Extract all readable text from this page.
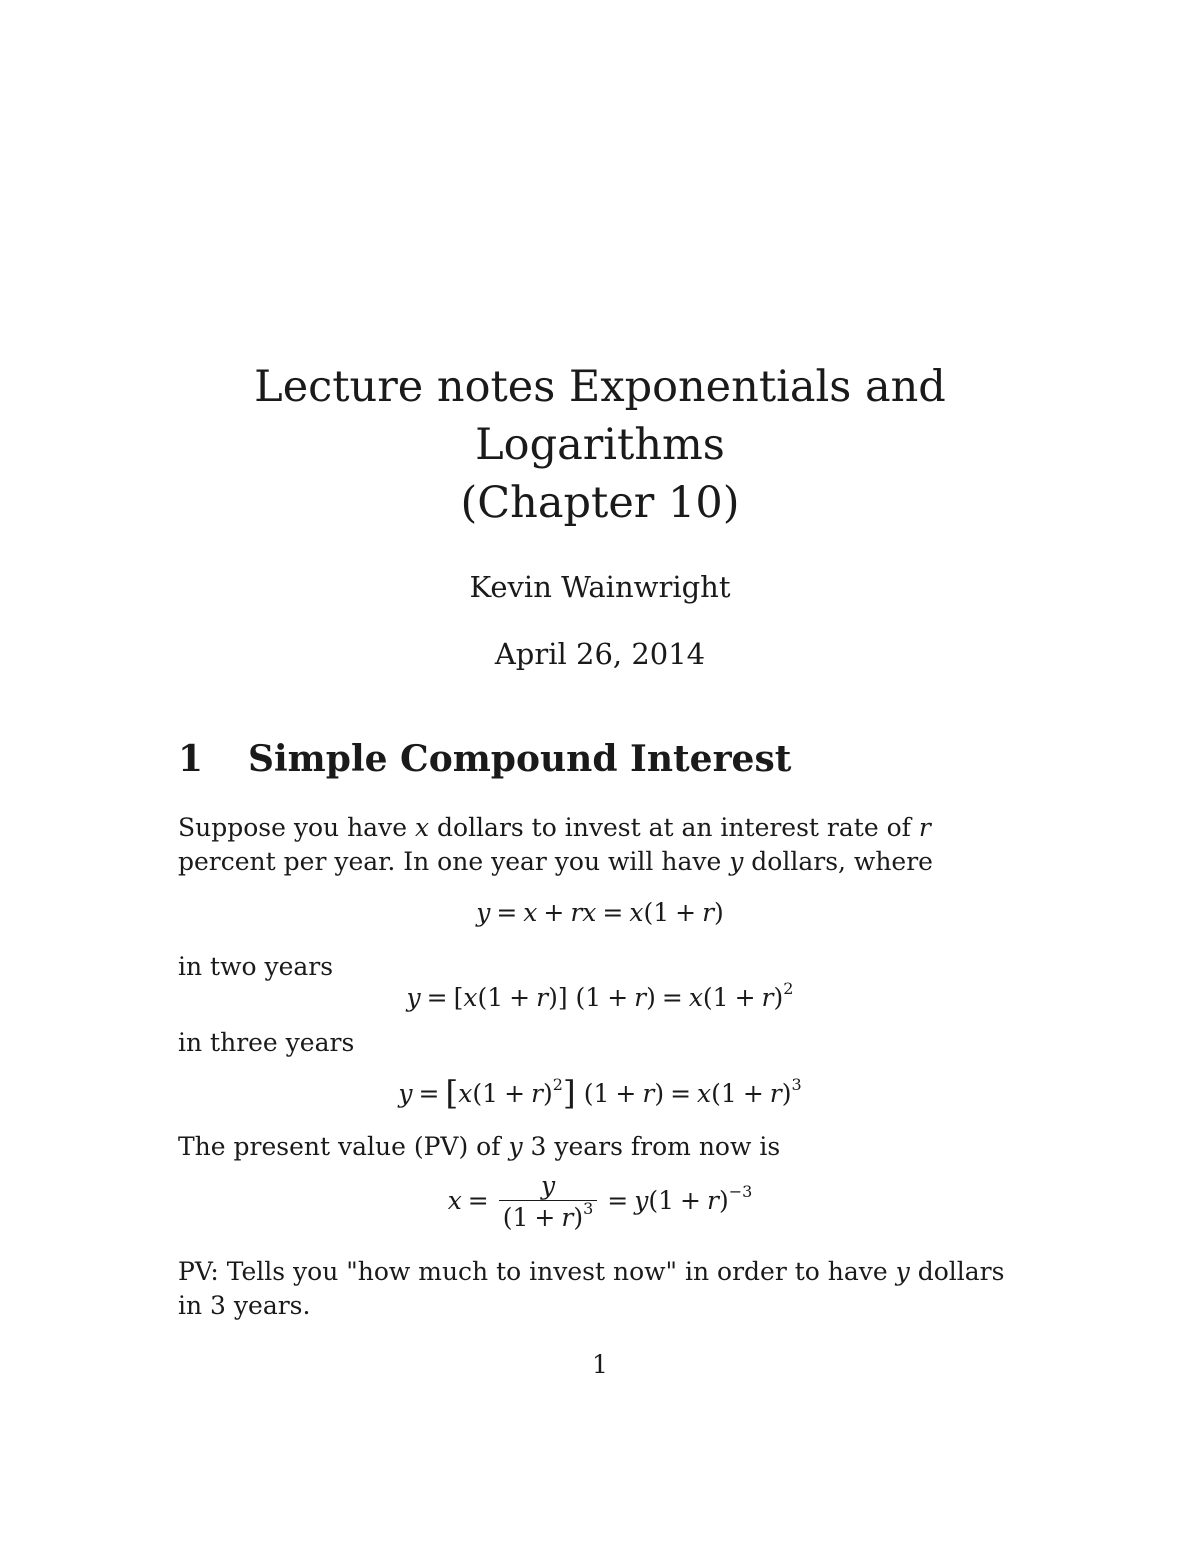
Lecture notes Exponentials and

Logarithms

(Chapter 10)

Kevin Wainwright
April 26, 2014
1 Simple Compound Interest

Suppose you have x dollars to invest at an interest rate of r percent per year. In one year you will have y dollars, where

y = x + rx = x(1 + r)

in two years

y = [x(1 + r)] $(1 + r) = x(1 + r)^2$

in three years

$y = [x(1 + r)^2]$ $(1 + r) = x(1 + r)^3$

The present value (PV) of y 3 years from now is

$x = \frac{y}{(1 + r)^3} = y(1 + r)^{-3}$

PV: Tells you "how much to invest now" in order to have y dollars in 3 years.

1
